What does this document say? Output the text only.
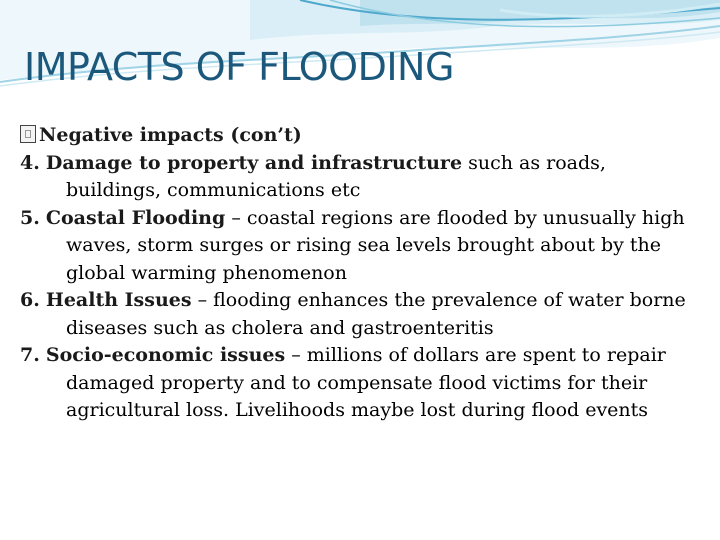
IMPACTS OF FLOODING

Negative impacts (con’t)

4. Damage to property and infrastructure such as roads, buildings, communications etc

5. Coastal Flooding – coastal regions are flooded by unusually high waves, storm surges or rising sea levels brought about by the global warming phenomenon

6. Health Issues – flooding enhances the prevalence of water borne diseases such as cholera and gastroenteritis

7. Socio-economic issues – millions of dollars are spent to repair damaged property and to compensate flood victims for their agricultural loss. Livelihoods maybe lost during flood events
